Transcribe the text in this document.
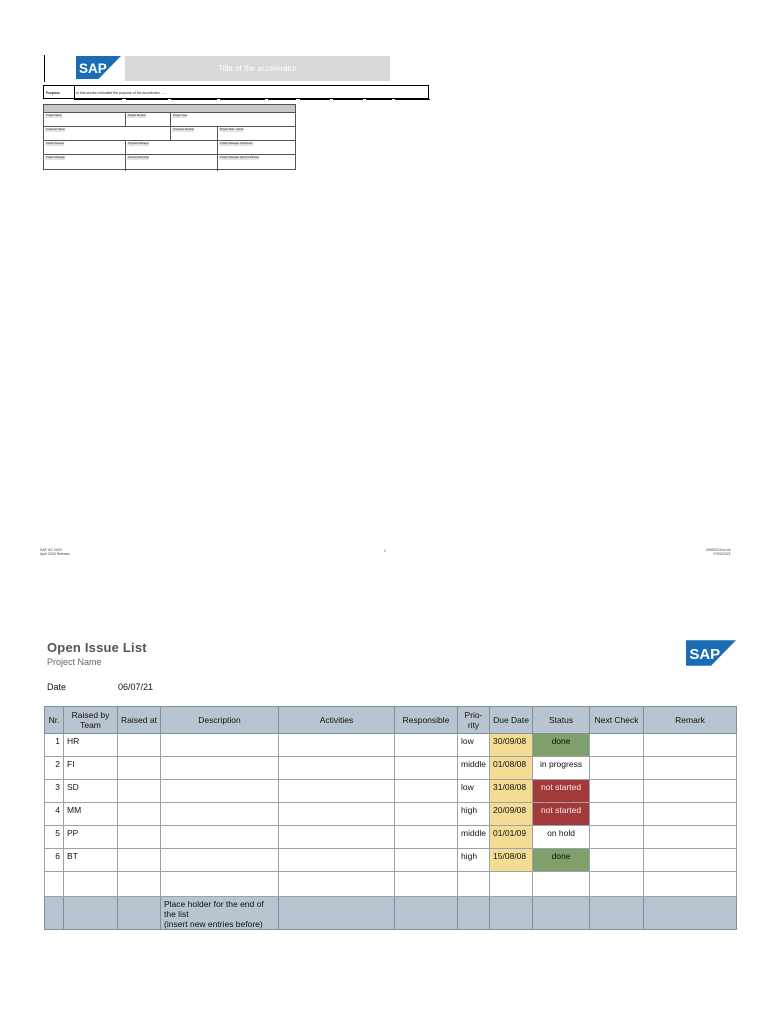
SAP	Title of the accelerator
Purpose	In this section indicated the purpose of the accelerator ......
Project Name	Project Number	Project Type
Customer Name	Customer Number	Project Start - Finish
Project Sponsor	Program Manager	Project Manager (Customer)
Project Manager	Service Partner(s)	Project Manager (Service Partner)
SAP AG 2009
April 2009 Release
2	0089224Xxx.xls
07/06/2021
Open Issue List
Project Name	SAP
Date	06/07/21
Nr.	Raised by Team	Raised at	Description	Activities	Responsible	Prio-rity	Due Date	Status	Next Check	Remark
1	HR					low	30/09/08	done		
2	FI					middle	01/08/08	in progress		
3	SD					low	31/08/08	not started		
4	MM					high	20/09/08	not started		
5	PP					middle	01/01/09	on hold		
6	BT					high	15/08/08	done		

			Place holder for the end of the list
(insert new entries before)							
